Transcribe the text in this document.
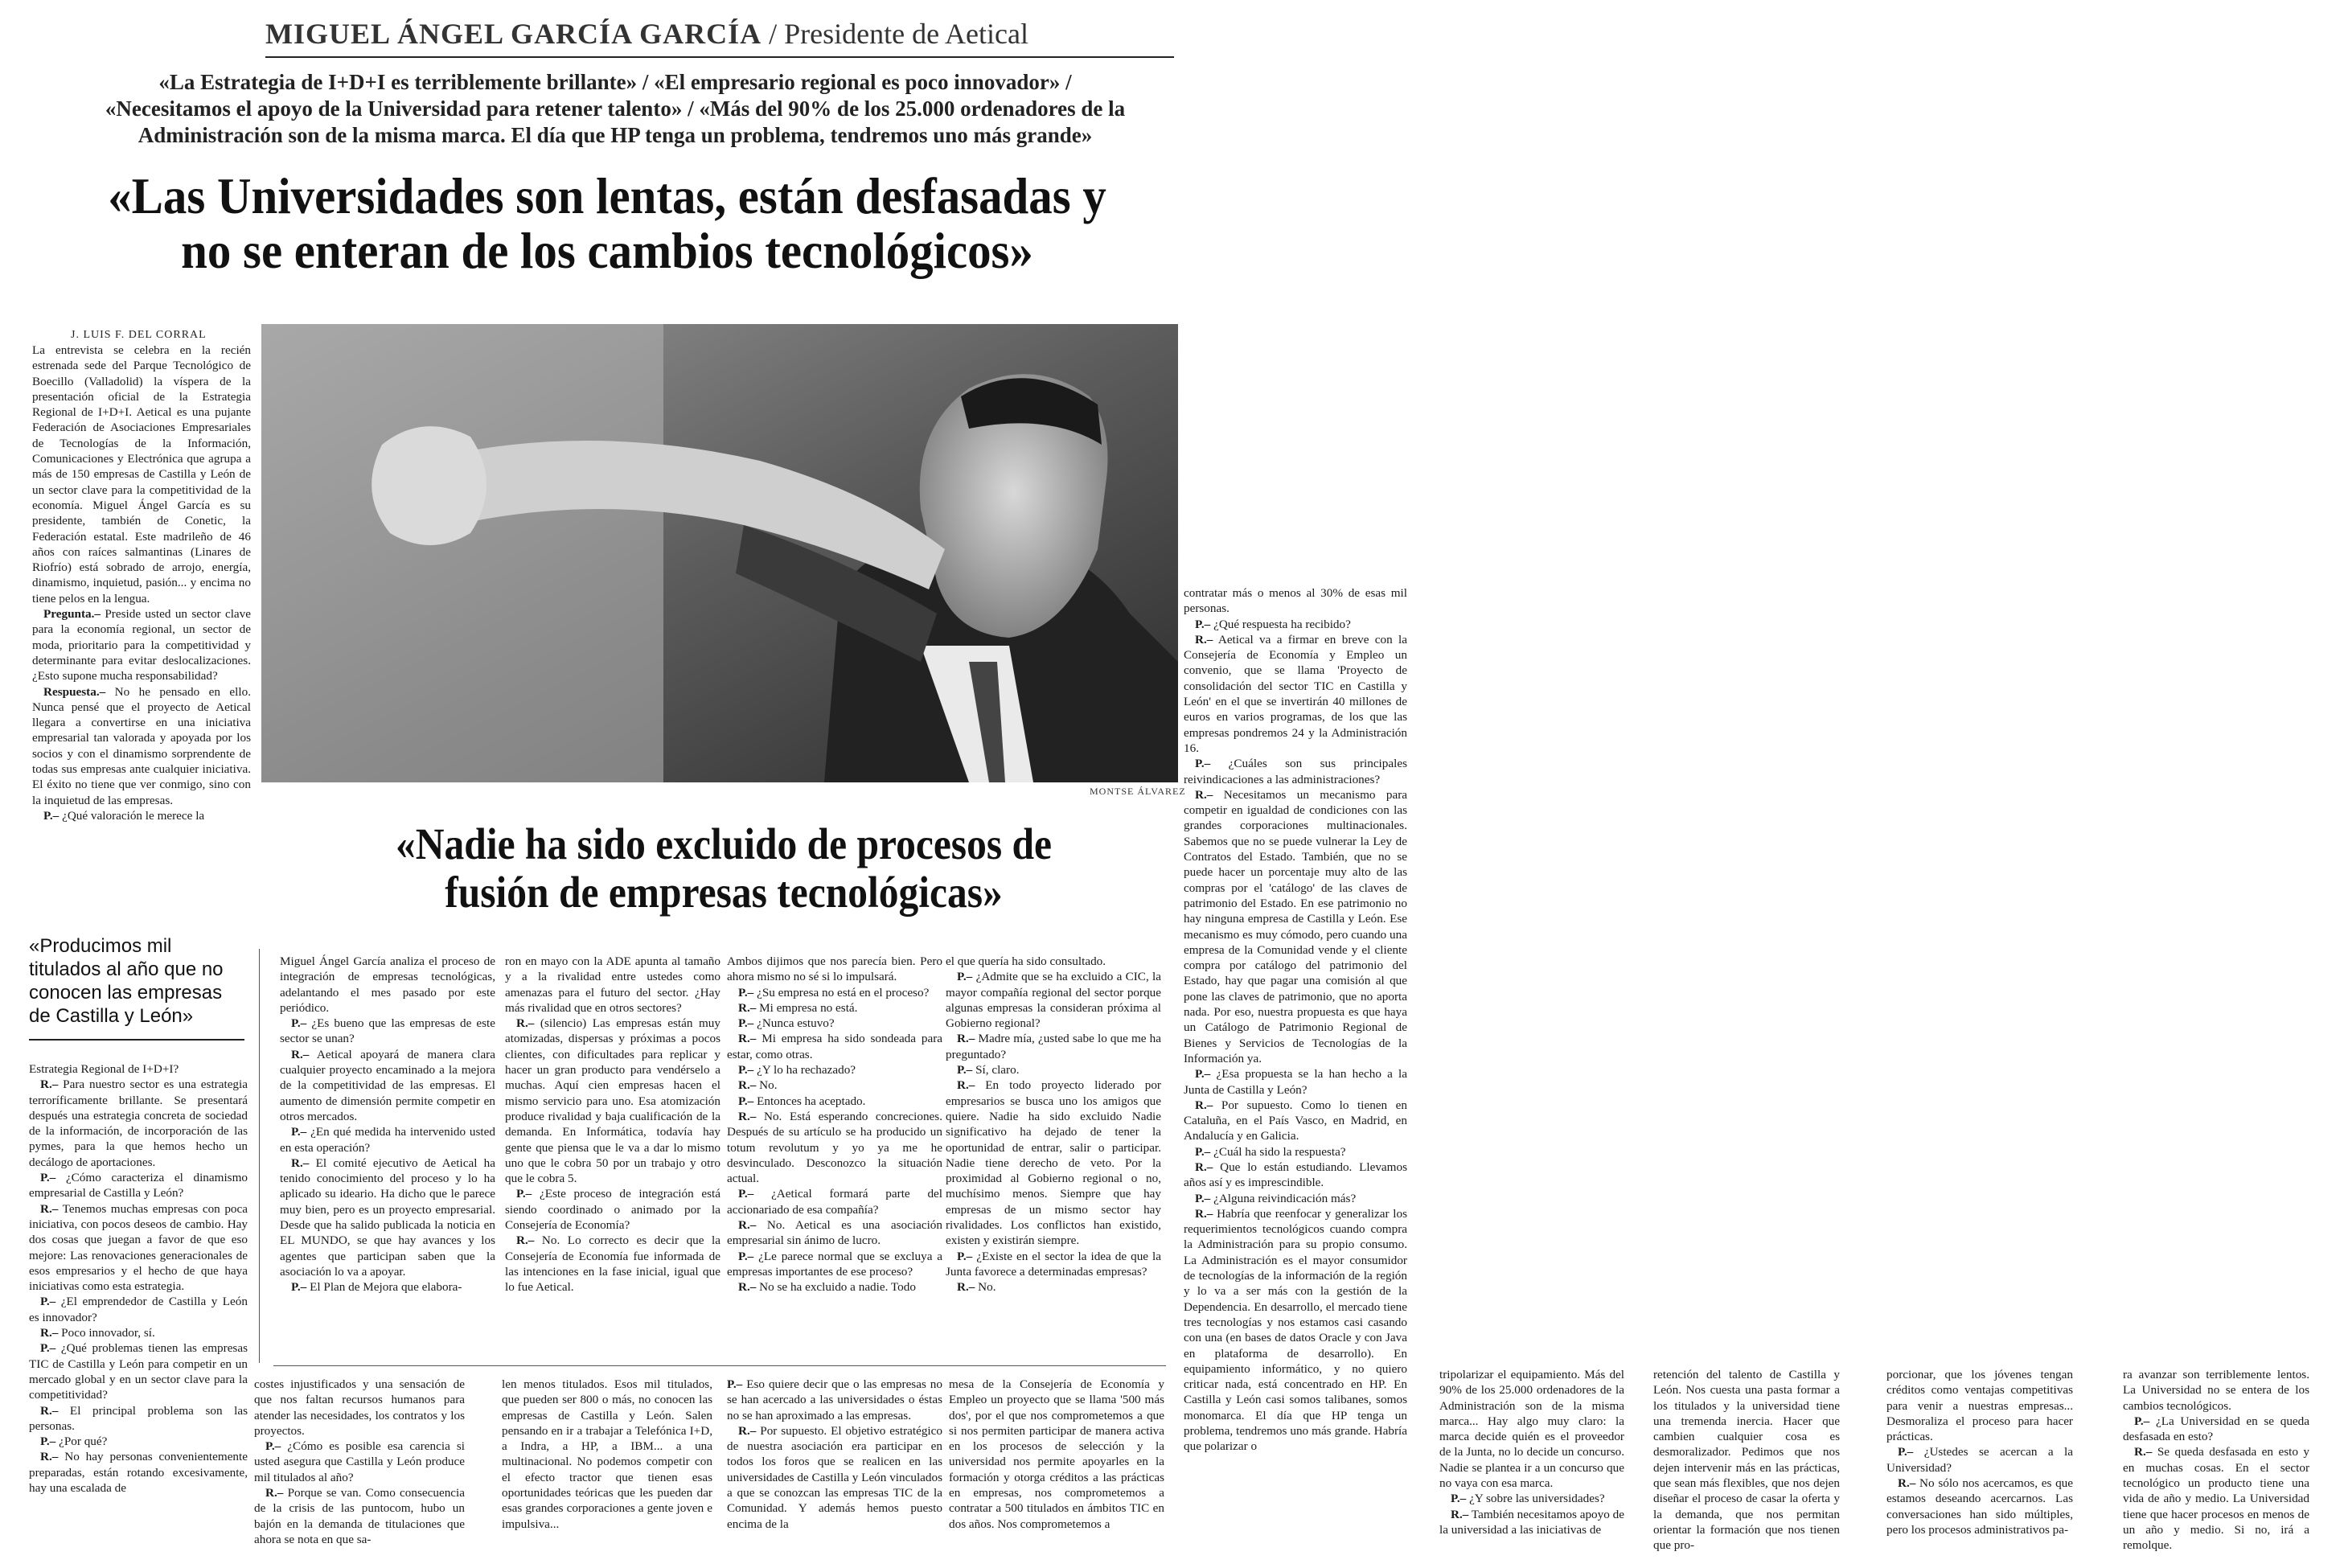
MIGUEL ÁNGEL GARCÍA GARCÍA / Presidente de Aetical
«La Estrategia de I+D+I es terriblemente brillante» / «El empresario regional es poco innovador» /
«Necesitamos el apoyo de la Universidad para retener talento» / «Más del 90% de los 25.000 ordenadores de la
Administración son de la misma marca. El día que HP tenga un problema, tendremos uno más grande»
«Las Universidades son lentas, están desfasadas y
no se enteran de los cambios tecnológicos»
J. LUIS F. DEL CORRAL

La entrevista se celebra en la recién estrenada sede del Parque Tecnológico de Boecillo (Valladolid) la víspera de la presentación oficial de la Estrategia Regional de I+D+I. Aetical es una pujante Federación de Asociaciones Empresariales de Tecnologías de la Información, Comunicaciones y Electrónica que agrupa a más de 150 empresas de Castilla y León de un sector clave para la competitividad de la economía. Miguel Ángel García es su presidente, también de Conetic, la Federación estatal. Este madrileño de 46 años con raíces salmantinas (Linares de Riofrío) está sobrado de arrojo, energía, dinamismo, inquietud, pasión... y encima no tiene pelos en la lengua.

Pregunta.– Preside usted un sector clave para la economía regional, un sector de moda, prioritario para la competitividad y determinante para evitar deslocalizaciones. ¿Esto supone mucha responsabilidad?

Respuesta.– No he pensado en ello. Nunca pensé que el proyecto de Aetical llegara a convertirse en una iniciativa empresarial tan valorada y apoyada por los socios y con el dinamismo sorprendente de todas sus empresas ante cualquier iniciativa. El éxito no tiene que ver conmigo, sino con la inquietud de las empresas.

P.– ¿Qué valoración le merece la

MONTSE ÁLVAREZ
«Nadie ha sido excluido de procesos de
fusión de empresas tecnológicas»
«Producimos mil titulados al año que no conocen las empresas de Castilla y León»

Estrategia Regional de I+D+I?

R.– Para nuestro sector es una estrategia terroríficamente brillante. Se presentará después una estrategia concreta de sociedad de la información, de incorporación de las pymes, para la que hemos hecho un decálogo de aportaciones.

P.– ¿Cómo caracteriza el dinamismo empresarial de Castilla y León?

R.– Tenemos muchas empresas con poca iniciativa, con pocos deseos de cambio. Hay dos cosas que juegan a favor de que eso mejore: Las renovaciones generacionales de esos empresarios y el hecho de que haya iniciativas como esta estrategia.

P.– ¿El emprendedor de Castilla y León es innovador?

R.– Poco innovador, sí.

P.– ¿Qué problemas tienen las empresas TIC de Castilla y León para competir en un mercado global y en un sector clave para la competitividad?

R.– El principal problema son las personas.

P.– ¿Por qué?

R.– No hay personas convenientemente preparadas, están rotando excesivamente, hay una escalada de

Miguel Ángel García analiza el proceso de integración de empresas tecnológicas, adelantando el mes pasado por este periódico.

P.– ¿Es bueno que las empresas de este sector se unan?

R.– Aetical apoyará de manera clara cualquier proyecto encaminado a la mejora de la competitividad de las empresas. El aumento de dimensión permite competir en otros mercados.

P.– ¿En qué medida ha intervenido usted en esta operación?

R.– El comité ejecutivo de Aetical ha tenido conocimiento del proceso y lo ha aplicado su ideario. Ha dicho que le parece muy bien, pero es un proyecto empresarial. Desde que ha salido publicada la noticia en EL MUNDO, se que hay avances y los agentes que participan saben que la asociación lo va a apoyar.

P.– El Plan de Mejora que elabora-

ron en mayo con la ADE apunta al tamaño y a la rivalidad entre ustedes como amenazas para el futuro del sector. ¿Hay más rivalidad que en otros sectores?

R.– (silencio) Las empresas están muy atomizadas, dispersas y próximas a pocos clientes, con dificultades para replicar y hacer un gran producto para vendérselo a muchas. Aquí cien empresas hacen el mismo servicio para uno. Esa atomización produce rivalidad y baja cualificación de la demanda. En Informática, todavía hay gente que piensa que le va a dar lo mismo uno que le cobra 50 por un trabajo y otro que le cobra 5.

P.– ¿Este proceso de integración está siendo coordinado o animado por la Consejería de Economía?

R.– No. Lo correcto es decir que la Consejería de Economía fue informada de las intenciones en la fase inicial, igual que lo fue Aetical.

Ambos dijimos que nos parecía bien. Pero ahora mismo no sé si lo impulsará.

P.– ¿Su empresa no está en el proceso?

R.– Mi empresa no está.

P.– ¿Nunca estuvo?

R.– Mi empresa ha sido sondeada para estar, como otras.

P.– ¿Y lo ha rechazado?

R.– No.

P.– Entonces ha aceptado.

R.– No. Está esperando concreciones. Después de su artículo se ha producido un totum revolutum y yo ya me he desvinculado. Desconozco la situación actual.

P.– ¿Aetical formará parte del accionariado de esa compañía?

R.– No. Aetical es una asociación empresarial sin ánimo de lucro.

P.– ¿Le parece normal que se excluya a empresas importantes de ese proceso?

R.– No se ha excluido a nadie. Todo

el que quería ha sido consultado.

P.– ¿Admite que se ha excluido a CIC, la mayor compañía regional del sector porque algunas empresas la consideran próxima al Gobierno regional?

R.– Madre mía, ¿usted sabe lo que me ha preguntado?

P.– Sí, claro.

R.– En todo proyecto liderado por empresarios se busca uno los amigos que quiere. Nadie ha sido excluido Nadie significativo ha dejado de tener la oportunidad de entrar, salir o participar. Nadie tiene derecho de veto. Por la proximidad al Gobierno regional o no, muchísimo menos. Siempre que hay empresas de un mismo sector hay rivalidades. Los conflictos han existido, existen y existirán siempre.

P.– ¿Existe en el sector la idea de que la Junta favorece a determinadas empresas?

R.– No.

costes injustificados y una sensación de que nos faltan recursos humanos para atender las necesidades, los contratos y los proyectos.

P.– ¿Cómo es posible esa carencia si usted asegura que Castilla y León produce mil titulados al año?

R.– Porque se van. Como consecuencia de la crisis de las puntocom, hubo un bajón en la demanda de titulaciones que ahora se nota en que sa-

len menos titulados. Esos mil titulados, que pueden ser 800 o más, no conocen las empresas de Castilla y León. Salen pensando en ir a trabajar a Telefónica I+D, a Indra, a HP, a IBM... a una multinacional. No podemos competir con el efecto tractor que tienen esas oportunidades teóricas que les pueden dar esas grandes corporaciones a gente joven e impulsiva...

P.– Eso quiere decir que o las empresas no se han acercado a las universidades o éstas no se han aproximado a las empresas.

R.– Por supuesto. El objetivo estratégico de nuestra asociación era participar en todos los foros que se realicen en las universidades de Castilla y León vinculados a que se conozcan las empresas TIC de la Comunidad. Y además hemos puesto encima de la

mesa de la Consejería de Economía y Empleo un proyecto que se llama '500 más dos', por el que nos comprometemos a que si nos permiten participar de manera activa en los procesos de selección y la universidad nos permite apoyarles en la formación y otorga créditos a las prácticas en empresas, nos comprometemos a contratar a 500 titulados en ámbitos TIC en dos años. Nos comprometemos a

contratar más o menos al 30% de esas mil personas.

P.– ¿Qué respuesta ha recibido?

R.– Aetical va a firmar en breve con la Consejería de Economía y Empleo un convenio, que se llama 'Proyecto de consolidación del sector TIC en Castilla y León' en el que se invertirán 40 millones de euros en varios programas, de los que las empresas pondremos 24 y la Administración 16.

P.– ¿Cuáles son sus principales reivindicaciones a las administraciones?

R.– Necesitamos un mecanismo para competir en igualdad de condiciones con las grandes corporaciones multinacionales. Sabemos que no se puede vulnerar la Ley de Contratos del Estado. También, que no se puede hacer un porcentaje muy alto de las compras por el 'catálogo' de las claves de patrimonio del Estado. En ese patrimonio no hay ninguna empresa de Castilla y León. Ese mecanismo es muy cómodo, pero cuando una empresa de la Comunidad vende y el cliente compra por catálogo del patrimonio del Estado, hay que pagar una comisión al que pone las claves de patrimonio, que no aporta nada. Por eso, nuestra propuesta es que haya un Catálogo de Patrimonio Regional de Bienes y Servicios de Tecnologías de la Información ya.

P.– ¿Esa propuesta se la han hecho a la Junta de Castilla y León?

R.– Por supuesto. Como lo tienen en Cataluña, en el País Vasco, en Madrid, en Andalucía y en Galicia.

P.– ¿Cuál ha sido la respuesta?

R.– Que lo están estudiando. Llevamos años así y es imprescindible.

P.– ¿Alguna reivindicación más?

R.– Habría que reenfocar y generalizar los requerimientos tecnológicos cuando compra la Administración para su propio consumo. La Administración es el mayor consumidor de tecnologías de la información de la región y lo va a ser más con la gestión de la Dependencia. En desarrollo, el mercado tiene tres tecnologías y nos estamos casi casando con una (en bases de datos Oracle y con Java en plataforma de desarrollo). En equipamiento informático, y no quiero criticar nada, está concentrado en HP. En Castilla y León casi somos talibanes, somos monomarca. El día que HP tenga un problema, tendremos uno más grande. Habría que polarizar o

tripolarizar el equipamiento. Más del 90% de los 25.000 ordenadores de la Administración son de la misma marca... Hay algo muy claro: la marca decide quién es el proveedor de la Junta, no lo decide un concurso. Nadie se plantea ir a un concurso que no vaya con esa marca.

P.– ¿Y sobre las universidades?

R.– También necesitamos apoyo de la universidad a las iniciativas de

retención del talento de Castilla y León. Nos cuesta una pasta formar a los titulados y la universidad tiene una tremenda inercia. Hacer que cambien cualquier cosa es desmoralizador. Pedimos que nos dejen intervenir más en las prácticas, que sean más flexibles, que nos dejen diseñar el proceso de casar la oferta y la demanda, que nos permitan orientar la formación que nos tienen que pro-

porcionar, que los jóvenes tengan créditos como ventajas competitivas para venir a nuestras empresas... Desmoraliza el proceso para hacer prácticas.

P.– ¿Ustedes se acercan a la Universidad?

R.– No sólo nos acercamos, es que estamos deseando acercarnos. Las conversaciones han sido múltiples, pero los procesos administrativos pa-

ra avanzar son terriblemente lentos. La Universidad no se entera de los cambios tecnológicos.

P.– ¿La Universidad en se queda desfasada en esto?

R.– Se queda desfasada en esto y en muchas cosas. En el sector tecnológico un producto tiene una vida de año y medio. La Universidad tiene que hacer procesos en menos de un año y medio. Si no, irá a remolque.
